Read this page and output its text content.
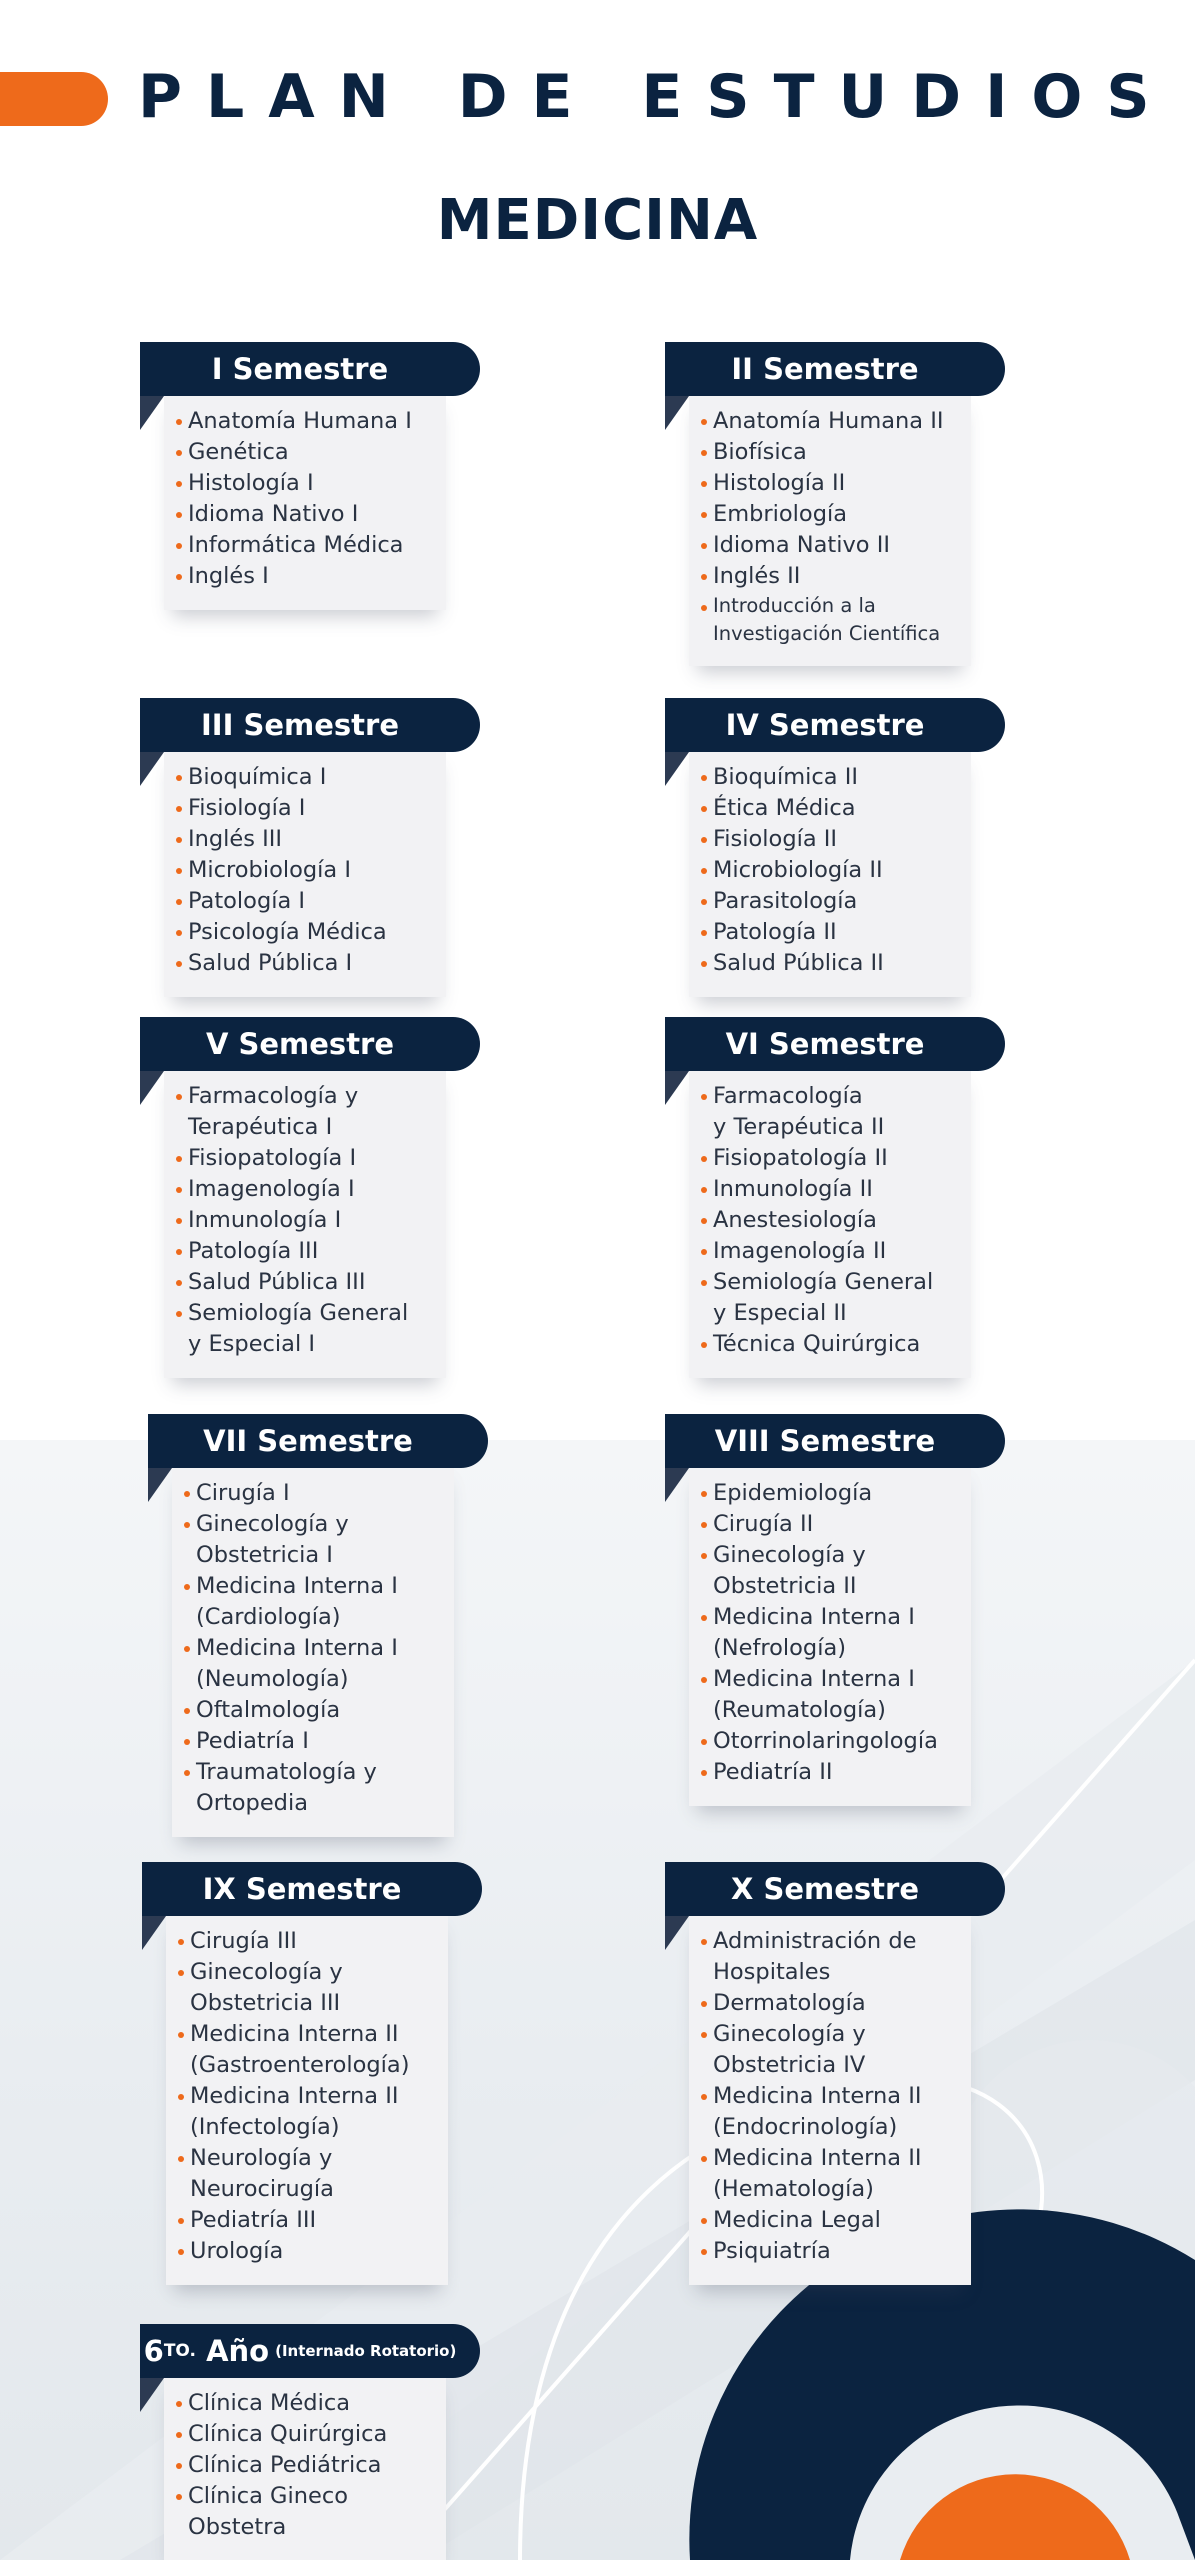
PLAN DE ESTUDIOS
MEDICINA
I Semestre
Anatomía Humana I
Genética
Histología I
Idioma Nativo I
Informática Médica
Inglés I
II Semestre
Anatomía Humana II
Biofísica
Histología II
Embriología
Idioma Nativo II
Inglés II
Introducción a la
Investigación Científica
III Semestre
Bioquímica I
Fisiología I
Inglés III
Microbiología I
Patología I
Psicología Médica
Salud Pública I
IV Semestre
Bioquímica II
Ética Médica
Fisiología II
Microbiología II
Parasitología
Patología II
Salud Pública II
V Semestre
Farmacología y
Terapéutica I
Fisiopatología I
Imagenología I
Inmunología I
Patología III
Salud Pública III
Semiología General
y Especial I
VI Semestre
Farmacología
y Terapéutica II
Fisiopatología II
Inmunología II
Anestesiología
Imagenología II
Semiología General
y Especial II
Técnica Quirúrgica
VII Semestre
Cirugía I
Ginecología y
Obstetricia I
Medicina Interna I
(Cardiología)
Medicina Interna I
(Neumología)
Oftalmología
Pediatría I
Traumatología y
Ortopedia
VIII Semestre
Epidemiología
Cirugía II
Ginecología y
Obstetricia II
Medicina Interna I
(Nefrología)
Medicina Interna I
(Reumatología)
Otorrinolaringología
Pediatría II
IX Semestre
Cirugía III
Ginecología y
Obstetricia III
Medicina Interna II
(Gastroenterología)
Medicina Interna II
(Infectología)
Neurología y
Neurocirugía
Pediatría III
Urología
X Semestre
Administración de
Hospitales
Dermatología
Ginecología y
Obstetricia IV
Medicina Interna II
(Endocrinología)
Medicina Interna II
(Hematología)
Medicina Legal
Psiquiatría
6 TO.
Año (Internado Rotatorio)
Clínica Médica
Clínica Quirúrgica
Clínica Pediátrica
Clínica Gineco Obstetra
